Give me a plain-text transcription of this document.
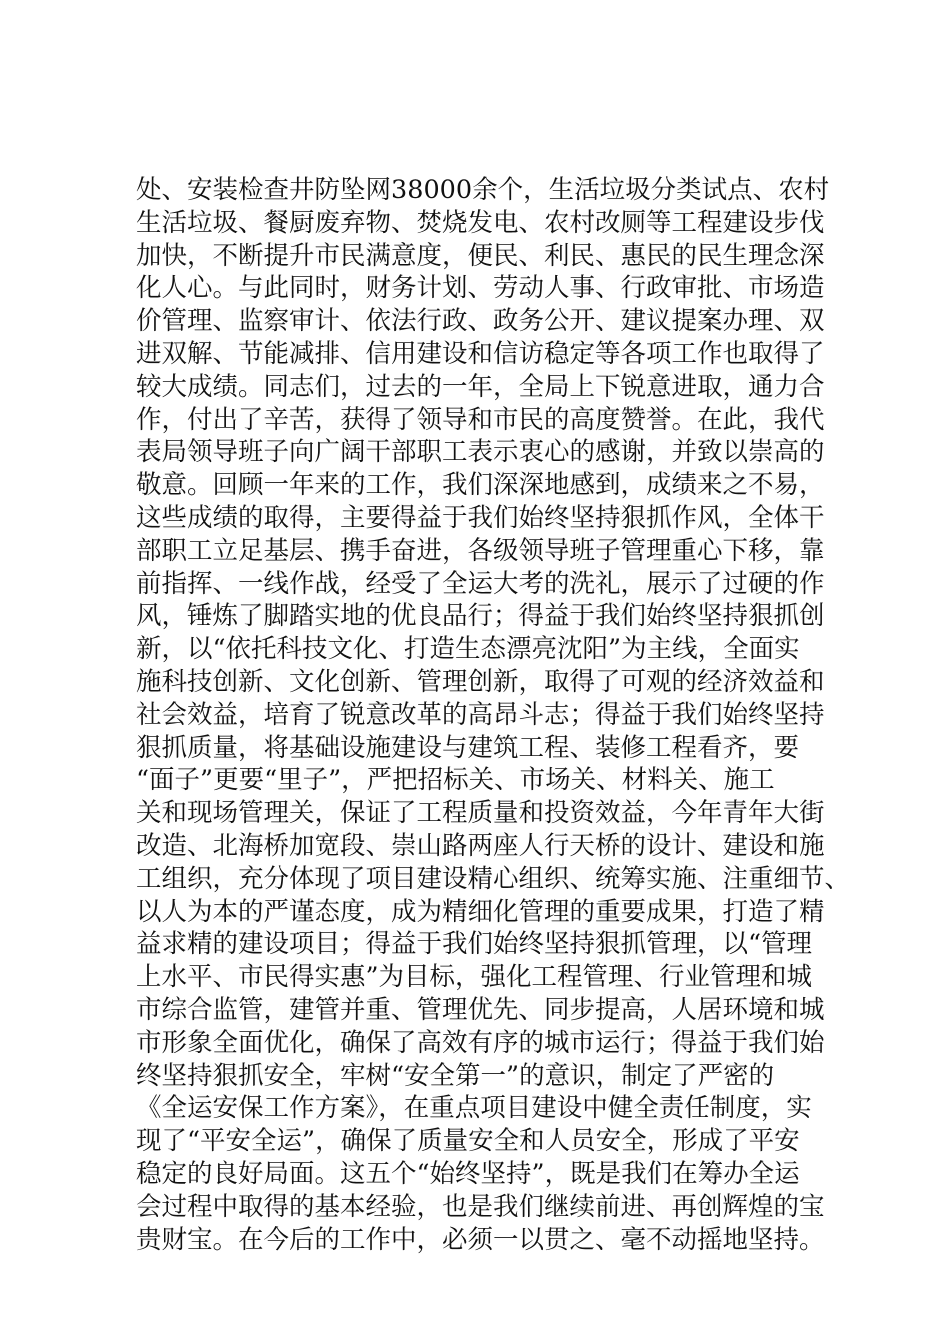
处、安装检查井防坠网38000余个，生活垃圾分类试点、农村
生活垃圾、餐厨废弃物、焚烧发电、农村改厕等工程建设步伐
加快，不断提升市民满意度，便民、利民、惠民的民生理念深
化人心。与此同时，财务计划、劳动人事、行政审批、市场造
价管理、监察审计、依法行政、政务公开、建议提案办理、双
进双解、节能减排、信用建设和信访稳定等各项工作也取得了
较大成绩。同志们，过去的一年，全局上下锐意进取，通力合
作，付出了辛苦，获得了领导和市民的高度赞誉。在此，我代
表局领导班子向广阔干部职工表示衷心的感谢，并致以崇高的
敬意。回顾一年来的工作，我们深深地感到，成绩来之不易，
这些成绩的取得，主要得益于我们始终坚持狠抓作风，全体干
部职工立足基层、携手奋进，各级领导班子管理重心下移，靠
前指挥、一线作战，经受了全运大考的洗礼，展示了过硬的作
风，锤炼了脚踏实地的优良品行；得益于我们始终坚持狠抓创
新，以“依托科技文化、打造生态漂亮沈阳”为主线，全面实
施科技创新、文化创新、管理创新，取得了可观的经济效益和
社会效益，培育了锐意改革的高昂斗志；得益于我们始终坚持
狠抓质量，将基础设施建设与建筑工程、装修工程看齐，要
“面子”更要“里子”，严把招标关、市场关、材料关、施工
关和现场管理关，保证了工程质量和投资效益，今年青年大街
改造、北海桥加宽段、崇山路两座人行天桥的设计、建设和施
工组织，充分体现了项目建设精心组织、统筹实施、注重细节、
以人为本的严谨态度，成为精细化管理的重要成果，打造了精
益求精的建设项目；得益于我们始终坚持狠抓管理，以“管理
上水平、市民得实惠”为目标，强化工程管理、行业管理和城
市综合监管，建管并重、管理优先、同步提高，人居环境和城
市形象全面优化，确保了高效有序的城市运行；得益于我们始
终坚持狠抓安全，牢树“安全第一”的意识，制定了严密的
《全运安保工作方案》，在重点项目建设中健全责任制度，实
现了“平安全运”，确保了质量安全和人员安全，形成了平安
稳定的良好局面。这五个“始终坚持”，既是我们在筹办全运
会过程中取得的基本经验，也是我们继续前进、再创辉煌的宝
贵财宝。在今后的工作中，必须一以贯之、毫不动摇地坚持。
